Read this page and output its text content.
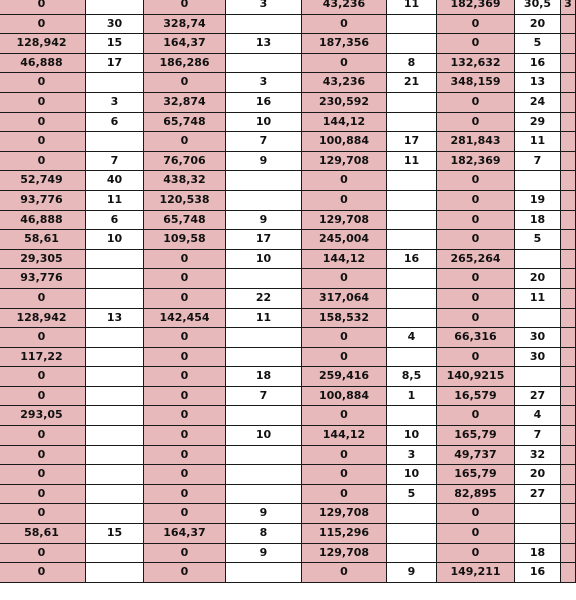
0		0	3	43,236	11	182,369	30,5	3
0	30	328,74		0		0	20	
128,942	15	164,37	13	187,356		0	5	
46,888	17	186,286		0	8	132,632	16	
0		0	3	43,236	21	348,159	13	
0	3	32,874	16	230,592		0	24	
0	6	65,748	10	144,12		0	29	
0		0	7	100,884	17	281,843	11	
0	7	76,706	9	129,708	11	182,369	7	
52,749	40	438,32		0		0		
93,776	11	120,538		0		0	19	
46,888	6	65,748	9	129,708		0	18	
58,61	10	109,58	17	245,004		0	5	
29,305		0	10	144,12	16	265,264		
93,776		0		0		0	20	
0		0	22	317,064		0	11	
128,942	13	142,454	11	158,532		0		
0		0		0	4	66,316	30	
117,22		0		0		0	30	
0		0	18	259,416	8,5	140,9215		
0		0	7	100,884	1	16,579	27	
293,05		0		0		0	4	
0		0	10	144,12	10	165,79	7	
0		0		0	3	49,737	32	
0		0		0	10	165,79	20	
0		0		0	5	82,895	27	
0		0	9	129,708		0		
58,61	15	164,37	8	115,296		0		
0		0	9	129,708		0	18	
0		0		0	9	149,211	16	
